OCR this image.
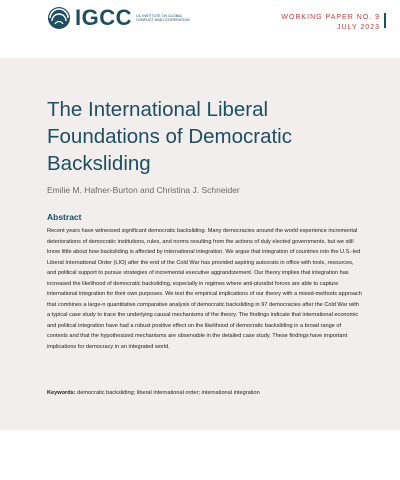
IGCC UC INSTITUTE ON GLOBAL CONFLICT AND COOPERATION	WORKING PAPER NO. 9
JULY 2023
The International Liberal Foundations of Democratic Backsliding
Emilie M. Hafner-Burton and Christina J. Schneider
Abstract
Recent years have witnessed significant democratic backsliding. Many democracies around the world experience incremental deteriorations of democratic institutions, rules, and norms resulting from the actions of duly elected governments, but we still know little about how backsliding is affected by international integration. We argue that integration of countries into the U.S.-led Liberal International Order (LIO) after the end of the Cold War has provided aspiring autocrats in office with tools, resources, and political support to pursue strategies of incremental executive aggrandizement. Our theory implies that integration has increased the likelihood of democratic backsliding, especially in regimes where anti-pluralist forces are able to capture international integration for their own purposes. We test the empirical implications of our theory with a mixed-methods approach that combines a large-n quantitative comparative analysis of democratic backsliding in 97 democracies after the Cold War with a typical case study to trace the underlying causal mechanisms of the theory. The findings indicate that international economic and political integration have had a robust positive effect on the likelihood of democratic backsliding in a broad range of contexts and that the hypothesized mechanisms are observable in the detailed case study. These findings have important implications for democracy in an integrated world.
Keywords: democratic backsliding; liberal international order; international integration
